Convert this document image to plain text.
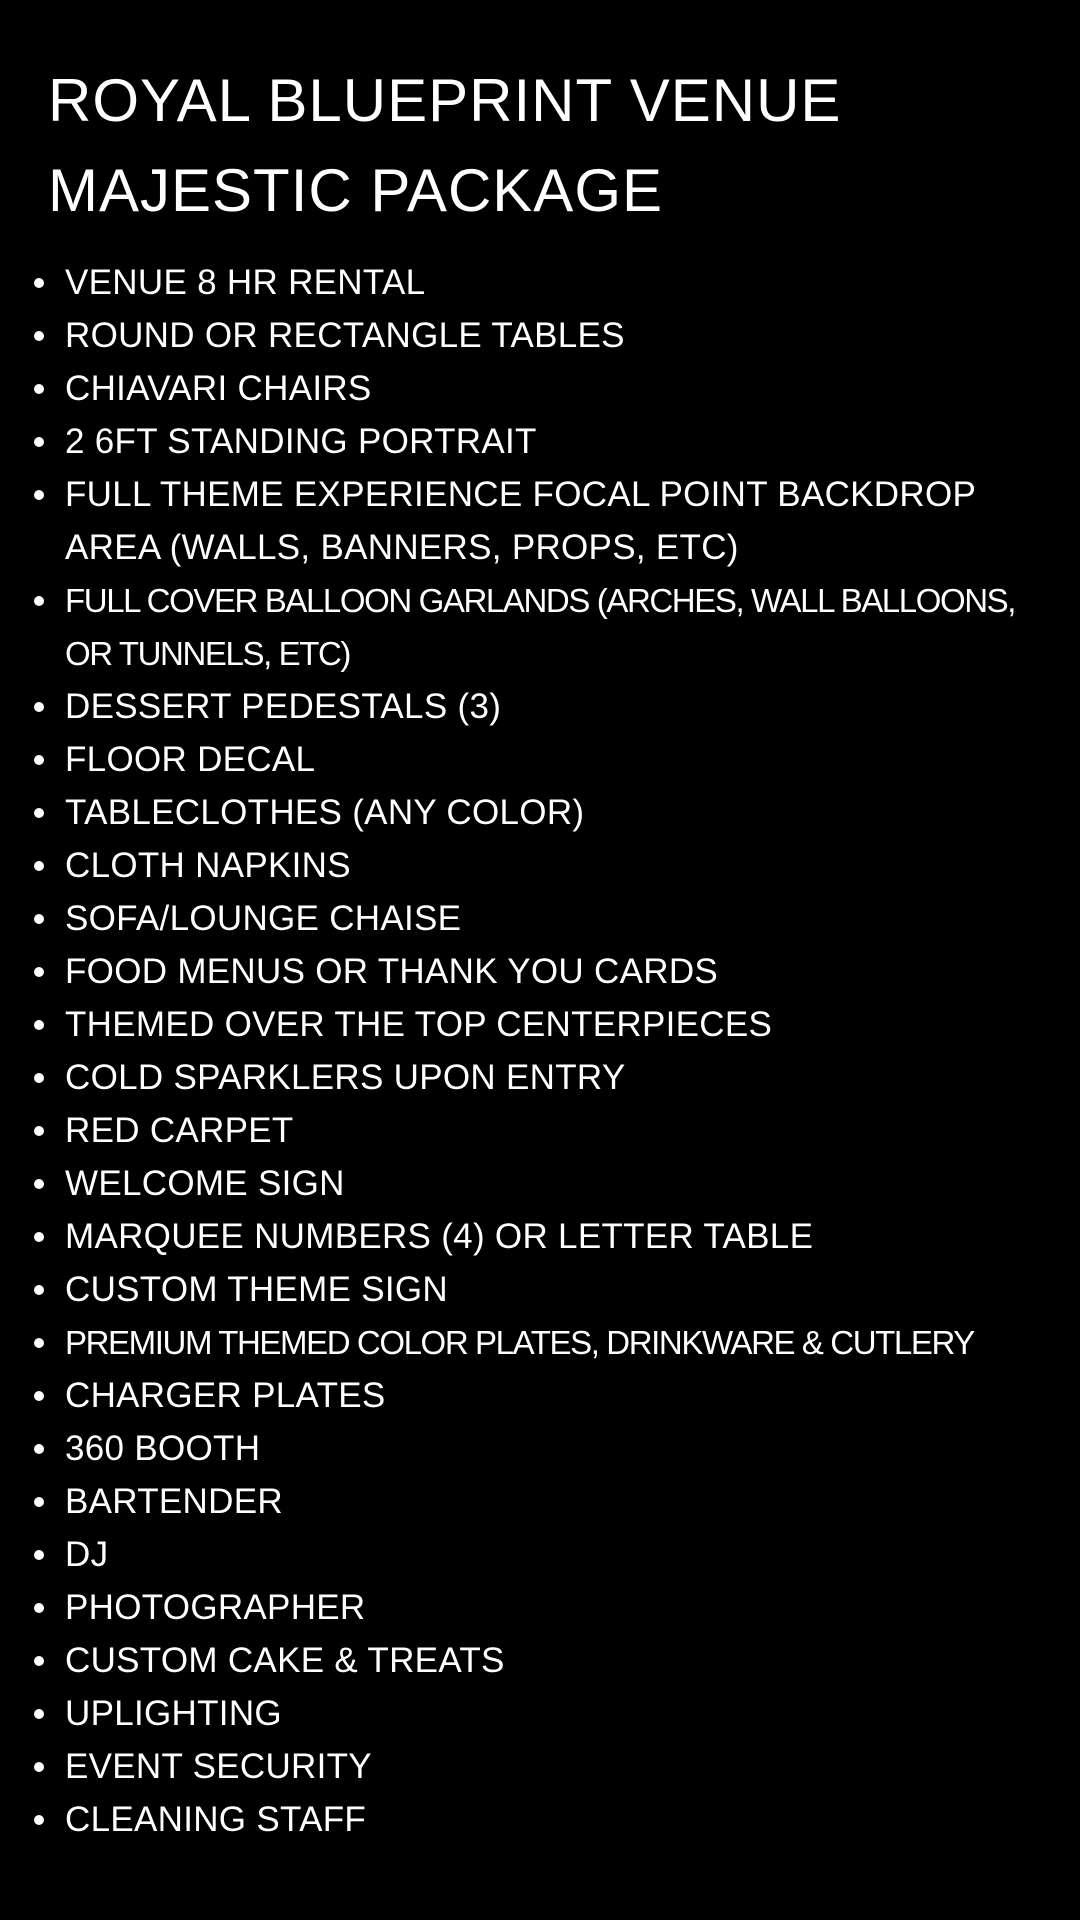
ROYAL BLUEPRINT VENUE
MAJESTIC PACKAGE
VENUE 8 HR RENTAL
ROUND OR RECTANGLE TABLES
CHIAVARI CHAIRS
2 6FT STANDING PORTRAIT
FULL THEME EXPERIENCE FOCAL POINT BACKDROP AREA (WALLS, BANNERS, PROPS, ETC)
FULL COVER BALLOON GARLANDS (ARCHES, WALL BALLOONS, OR TUNNELS, ETC)
DESSERT PEDESTALS (3)
FLOOR DECAL
TABLECLOTHES (ANY COLOR)
CLOTH NAPKINS
SOFA/LOUNGE CHAISE
FOOD MENUS OR THANK YOU CARDS
THEMED OVER THE TOP CENTERPIECES
COLD SPARKLERS UPON ENTRY
RED CARPET
WELCOME SIGN
MARQUEE NUMBERS (4) OR LETTER TABLE
CUSTOM THEME SIGN
PREMIUM THEMED COLOR PLATES, DRINKWARE & CUTLERY
CHARGER PLATES
360 BOOTH
BARTENDER
DJ
PHOTOGRAPHER
CUSTOM CAKE & TREATS
UPLIGHTING
EVENT SECURITY
CLEANING STAFF
